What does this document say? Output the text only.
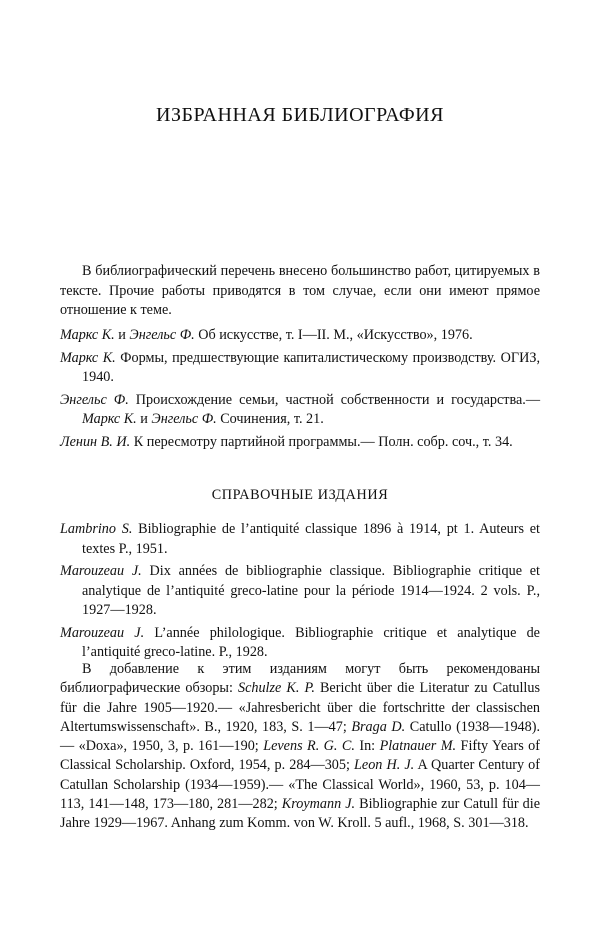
ИЗБРАННАЯ БИБЛИОГРАФИЯ

В библиографический перечень внесено большинство работ, цитируемых в тексте. Прочие работы приводятся в том случае, если они имеют прямое отношение к теме.

Маркс К. и Энгельс Ф. Об искусстве, т. I—II. М., «Искусство», 1976.

Маркс К. Формы, предшествующие капиталистическому производству. ОГИЗ, 1940.

Энгельс Ф. Происхождение семьи, частной собственности и государства.— Маркс К. и Энгельс Ф. Сочинения, т. 21.

Ленин В. И. К пересмотру партийной программы.— Полн. собр. соч., т. 34.

СПРАВОЧНЫЕ ИЗДАНИЯ

Lambrino S. Bibliographie de l’antiquité classique 1896 à 1914, pt 1. Auteurs et textes P., 1951.

Marouzeau J. Dix années de bibliographie classique. Bibliographie critique et analytique de l’antiquité greco-latine pour la période 1914—1924. 2 vols. P., 1927—1928.

Marouzeau J. L’année philologique. Bibliographie critique et analytique de l’antiquité greco-latine. P., 1928.

В добавление к этим изданиям могут быть рекомендованы библиографические обзоры: Schulze K. P. Bericht über die Literatur zu Catullus für die Jahre 1905—1920.— «Jahresbericht über die fortschritte der classischen Altertumswissenschaft». B., 1920, 183, S. 1—47; Braga D. Catullo (1938—1948).— «Doxa», 1950, 3, p. 161—190; Levens R. G. C. In: Platnauer M. Fifty Years of Classical Scholarship. Oxford, 1954, p. 284—305; Leon H. J. A Quarter Century of Catullan Scholarship (1934—1959).— «The Classical World», 1960, 53, p. 104—113, 141—148, 173—180, 281—282; Kroymann J. Bibliographie zur Catull für die Jahre 1929—1967. Anhang zum Komm. von W. Kroll. 5 aufl., 1968, S. 301—318.
